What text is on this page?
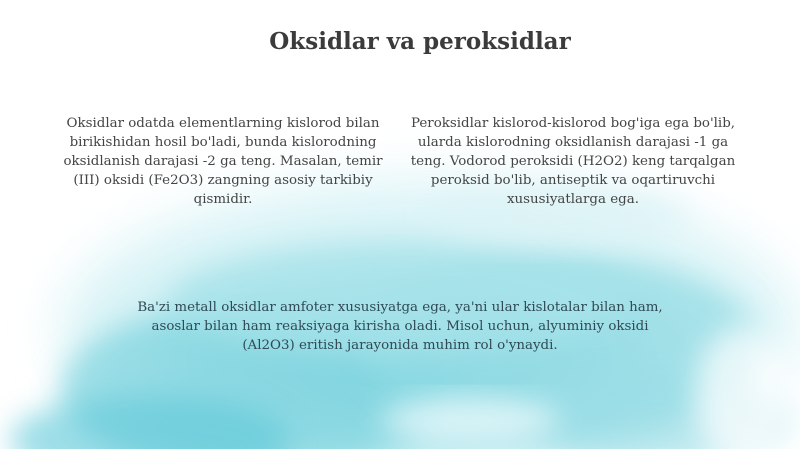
Oksidlar va peroksidlar

Oksidlar odatda elementlarning kislorod bilan birikishidan hosil bo'ladi, bunda kislorodning oksidlanish darajasi -2 ga teng. Masalan, temir (III) oksidi (Fe2O3) zangning asosiy tarkibiy qismidir.

Peroksidlar kislorod-kislorod bog'iga ega bo'lib, ularda kislorodning oksidlanish darajasi -1 ga teng. Vodorod peroksidi (H2O2) keng tarqalgan peroksid bo'lib, antiseptik va oqartiruvchi xususiyatlarga ega.

Ba'zi metall oksidlar amfoter xususiyatga ega, ya'ni ular kislotalar bilan ham, asoslar bilan ham reaksiyaga kirisha oladi. Misol uchun, alyuminiy oksidi (Al2O3) eritish jarayonida muhim rol o'ynaydi.
